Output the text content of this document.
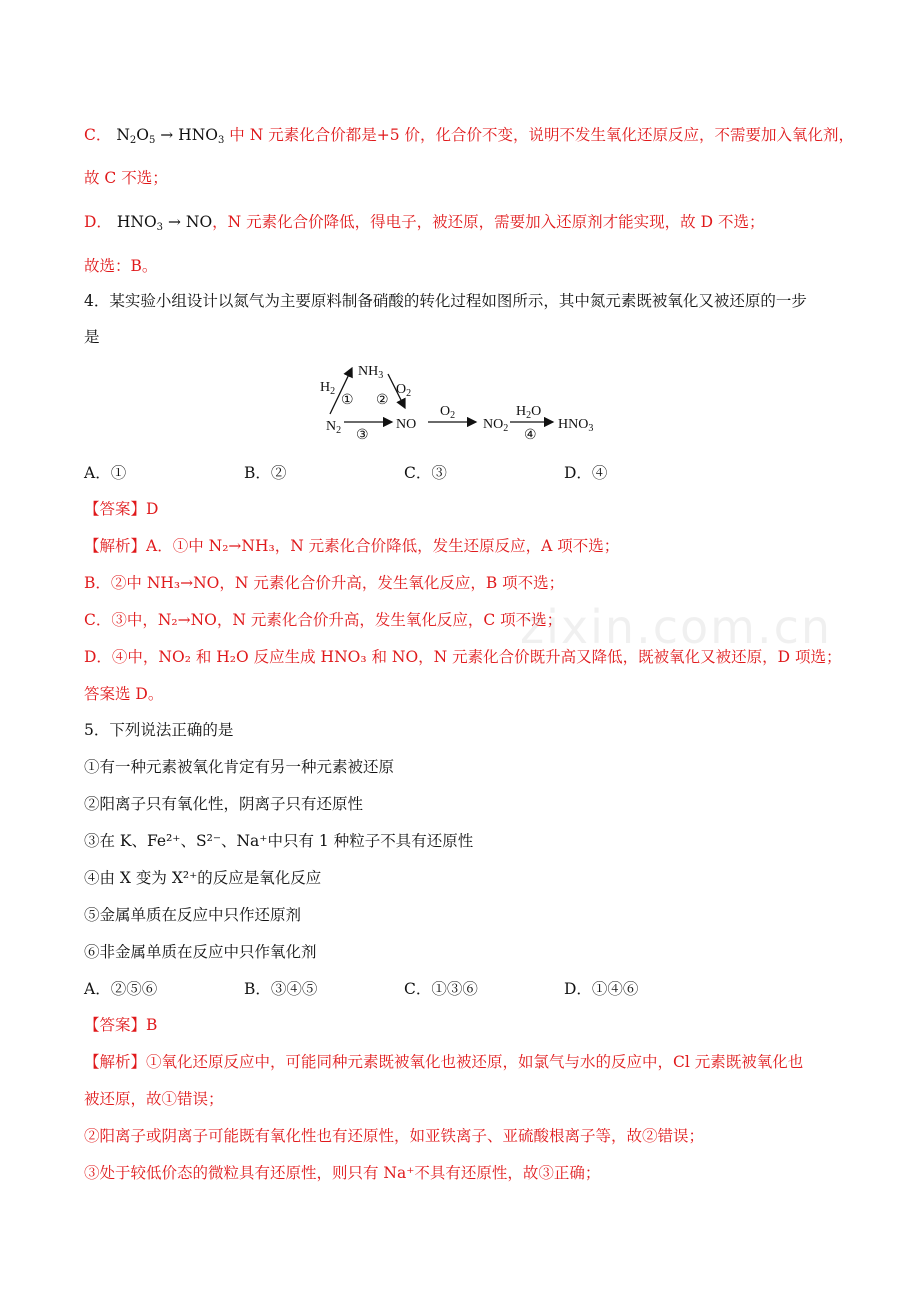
C． $N_2O_5 \to HNO_3$ 中 N 元素化合价都是+5 价，化合价不变，说明不发生氧化还原反应，不需要加入氧化剂，
故 C 不选；
D． $HNO_3$ → NO，N 元素化合价降低，得电子，被还原，需要加入还原剂才能实现，故 D 不选；
故选：B。
4．某实验小组设计以氮气为主要原料制备硝酸的转化过程如图所示，其中氮元素既被氧化又被还原的一步
是
$NH_3$
$H_2$	$O_2$
① ②
$N_2$ ③
NO
$O_2$
$NO_2$
$H_2O$
④
$HNO_3$
A．①	B．②	C．③	D．④
【答案】D
【解析】A．①中 N₂→NH₃，N 元素化合价降低，发生还原反应，A 项不选；
B．②中 NH₃→NO，N 元素化合价升高，发生氧化反应，B 项不选；
C．③中，N₂→NO，N 元素化合价升高，发生氧化反应，C 项不选；
D．④中，NO₂ 和 H₂O 反应生成 HNO₃ 和 NO，N 元素化合价既升高又降低，既被氧化又被还原，D 项选；
答案选 D。
zixin.com.cn
5．下列说法正确的是
①有一种元素被氧化肯定有另一种元素被还原
②阳离子只有氧化性，阴离子只有还原性
③在 K、Fe²⁺、S²⁻、Na⁺中只有 1 种粒子不具有还原性
④由 X 变为 X²⁺的反应是氧化反应
⑤金属单质在反应中只作还原剂
⑥非金属单质在反应中只作氧化剂
A．②⑤⑥	B．③④⑤	C．①③⑥	D．①④⑥
【答案】B
【解析】①氧化还原反应中，可能同种元素既被氧化也被还原，如氯气与水的反应中，Cl 元素既被氧化也
被还原，故①错误；
②阳离子或阴离子可能既有氧化性也有还原性，如亚铁离子、亚硫酸根离子等，故②错误；
③处于较低价态的微粒具有还原性，则只有 Na⁺不具有还原性，故③正确；
